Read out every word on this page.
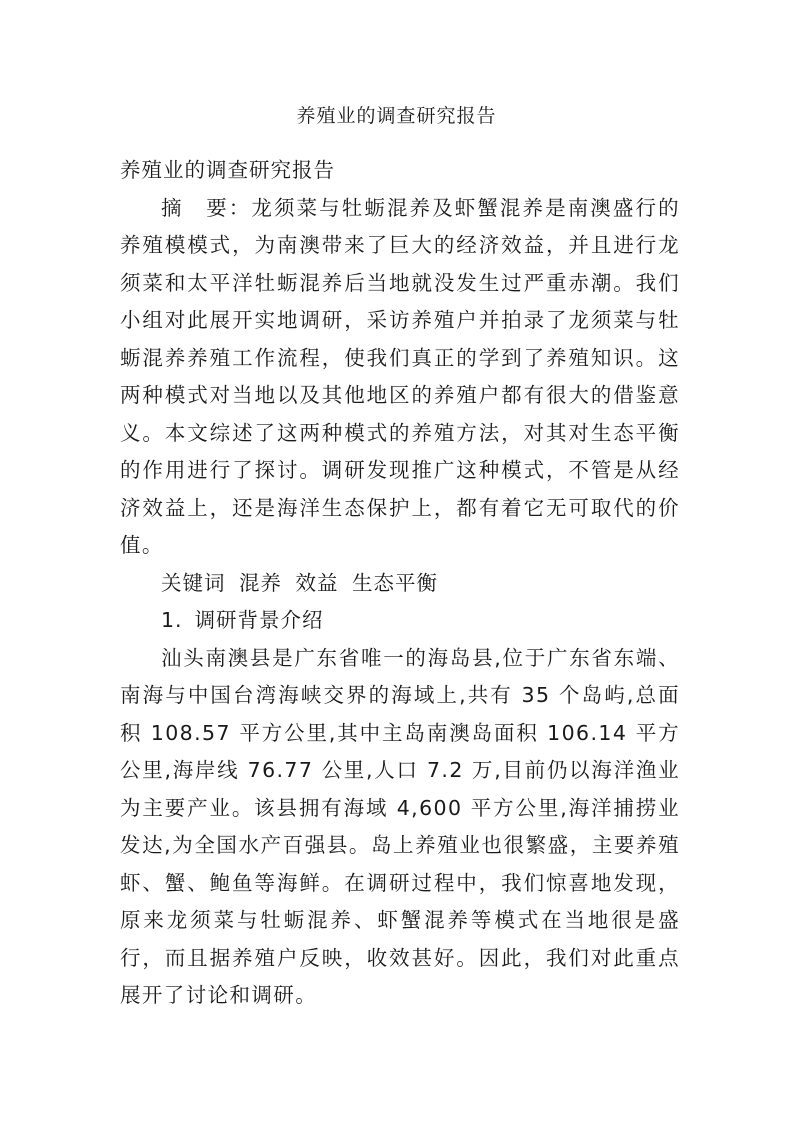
养殖业的调查研究报告

养殖业的调查研究报告

摘　要：龙须菜与牡蛎混养及虾蟹混养是南澳盛行的养殖模模式，为南澳带来了巨大的经济效益，并且进行龙须菜和太平洋牡蛎混养后当地就没发生过严重赤潮。我们小组对此展开实地调研，采访养殖户并拍录了龙须菜与牡蛎混养养殖工作流程，使我们真正的学到了养殖知识。这两种模式对当地以及其他地区的养殖户都有很大的借鉴意义。本文综述了这两种模式的养殖方法，对其对生态平衡的作用进行了探讨。调研发现推广这种模式，不管是从经济效益上，还是海洋生态保护上，都有着它无可取代的价值。

关键词 混养 效益 生态平衡

1. 调研背景介绍

汕头南澳县是广东省唯一的海岛县,位于广东省东端、南海与中国台湾海峡交界的海域上,共有 35 个岛屿,总面积 108.57 平方公里,其中主岛南澳岛面积 106.14 平方公里,海岸线 76.77 公里,人口 7.2 万,目前仍以海洋渔业为主要产业。该县拥有海域 4,600 平方公里,海洋捕捞业发达,为全国水产百强县。岛上养殖业也很繁盛，主要养殖虾、蟹、鲍鱼等海鲜。在调研过程中，我们惊喜地发现，原来龙须菜与牡蛎混养、虾蟹混养等模式在当地很是盛行，而且据养殖户反映，收效甚好。因此，我们对此重点展开了讨论和调研。
